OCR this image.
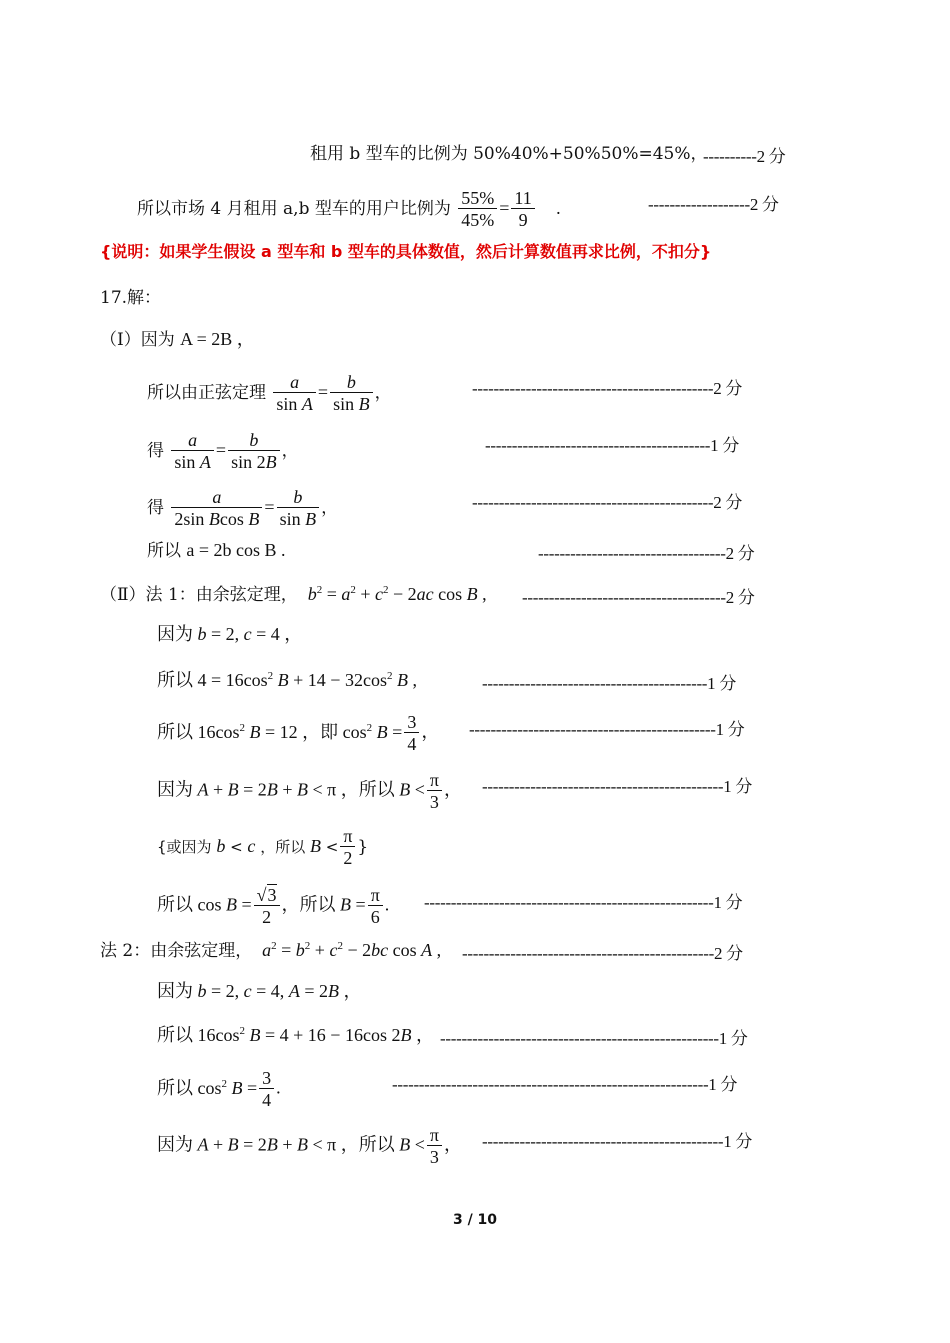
租用 b 型车的比例为 50%40%+50%50%=45%，
----------2 分
所以市场 4 月租用 a,b 型车的用户比例为 $\frac{55\%}{45\%} = \frac{11}{9}$ .	-------------------2 分
{说明：如果学生假设 a 型车和 b 型车的具体数值，然后计算数值再求比例，不扣分}
17.解：
（Ⅰ）因为 A = 2B ，
所以由正弦定理 $\frac{a}{\text{sin A}} = \frac{b}{\text{sin B}}$ ，	---------------------------------------------2 分
得 $\frac{a}{\text{sin A}} = \frac{b}{\sin 2B}$ ，	------------------------------------------1 分
得 $\frac{a}{\text{2sin Bcos B}} = \frac{b}{\text{sin B}}$ ，	---------------------------------------------2 分
所以 a = 2b cos B .	-----------------------------------2 分
（Ⅱ）法 1：由余弦定理， $b^2 = a^2 + c^2 - 2ac$ cos B , --------------------------------------2 分
因为 b = 2, c = 4 ，
所以 $4 = 16\cos^2$ $B + 14 - 32\cos^2$ B ,	------------------------------------------1 分
所以 $16\cos^2$ B = 12 ，即 $\cos^2 B = \frac{3}{4}$ ， ----------------------------------------------1 分
因为 A + B = 2B + B < π ，所以 $B < \frac{\pi}{3}$ ， ---------------------------------------------1 分
{或因为 b < c ，所以 $B < \frac{\pi}{2}$ }
所以 $\cos B = \frac{√3}{2}$ ，所以 $B = \frac{\pi}{6}$ . ------------------------------------------------------1 分
法 2：由余弦定理， $a^2 = b^2 + c^2 - 2bc$ cos A , -----------------------------------------------2 分
因为 b = 2, c = 4, A = 2B ，
所以 $16\cos^2$ B = 4 + 16 − 16cos 2B ， ----------------------------------------------------1 分
所以 $\cos^2 B = \frac{3}{4}$ .	-----------------------------------------------------------1 分
因为 A + B = 2B + B < π ，所以 $B < \frac{\pi}{3}$ ， ---------------------------------------------1 分
3 / 10
